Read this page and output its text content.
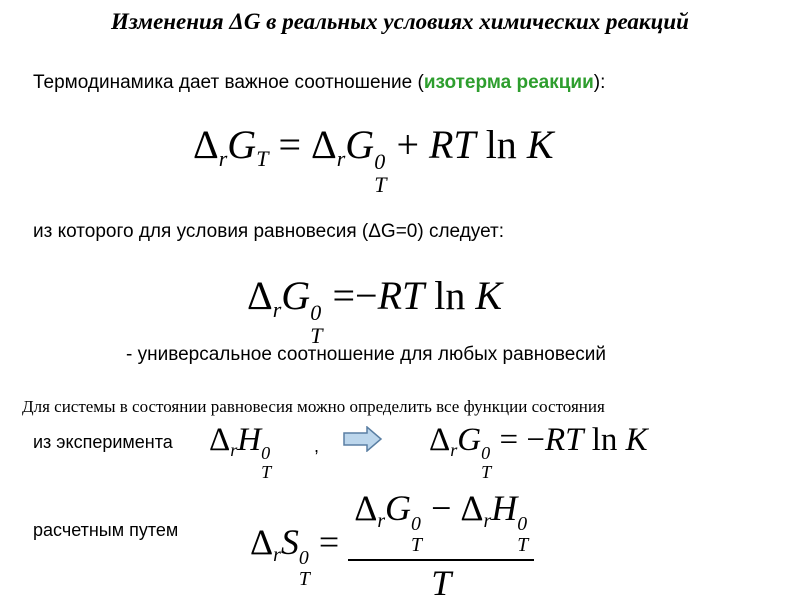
Изменения ΔG в реальных условиях химических реакций
Термодинамика дает важное соотношение (изотерма реакции):
ΔrGT = ΔrG 0
T
+ RT ln K
из которого для условия равновесия (ΔG=0) следует:
ΔrG 0
T
=−RT ln K
- универсальное соотношение для любых равновесий
Для системы в состоянии равновесия можно определить все функции состояния
из эксперимента ΔrH 0
T
,	ΔrG 0
T
= −RT ln K
расчетным путем ΔrS 0
T
= ΔrG 0
T
− ΔrH 0
T
T
